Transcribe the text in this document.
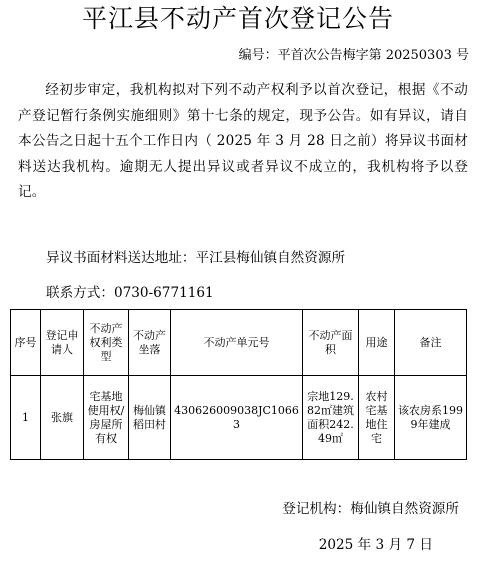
平江县不动产首次登记公告
编号：平首次公告梅字第 20250303 号
经初步审定，我机构拟对下列不动产权利予以首次登记，根据《不动产登记暂行条例实施细则》第十七条的规定，现予公告。如有异议，请自本公告之日起十五个工作日内（ 2025 年 3 月 28 日之前）将异议书面材料送达我机构。逾期无人提出异议或者异议不成立的，我机构将予以登记。
异议书面材料送达地址：平江县梅仙镇自然资源所
联系方式：0730-6771161
序号	登记申请人	不动产权利类型	不动产坐落	不动产单元号	不动产面积	用途	备注
1	张旗	宅基地使用权/房屋所有权	梅仙镇稻田村	430626009038JC10663	宗地129.82㎡建筑面积242.49㎡	农村宅基地住宅	该农房系1999年建成
登记机构：梅仙镇自然资源所
2025 年 3 月 7 日
